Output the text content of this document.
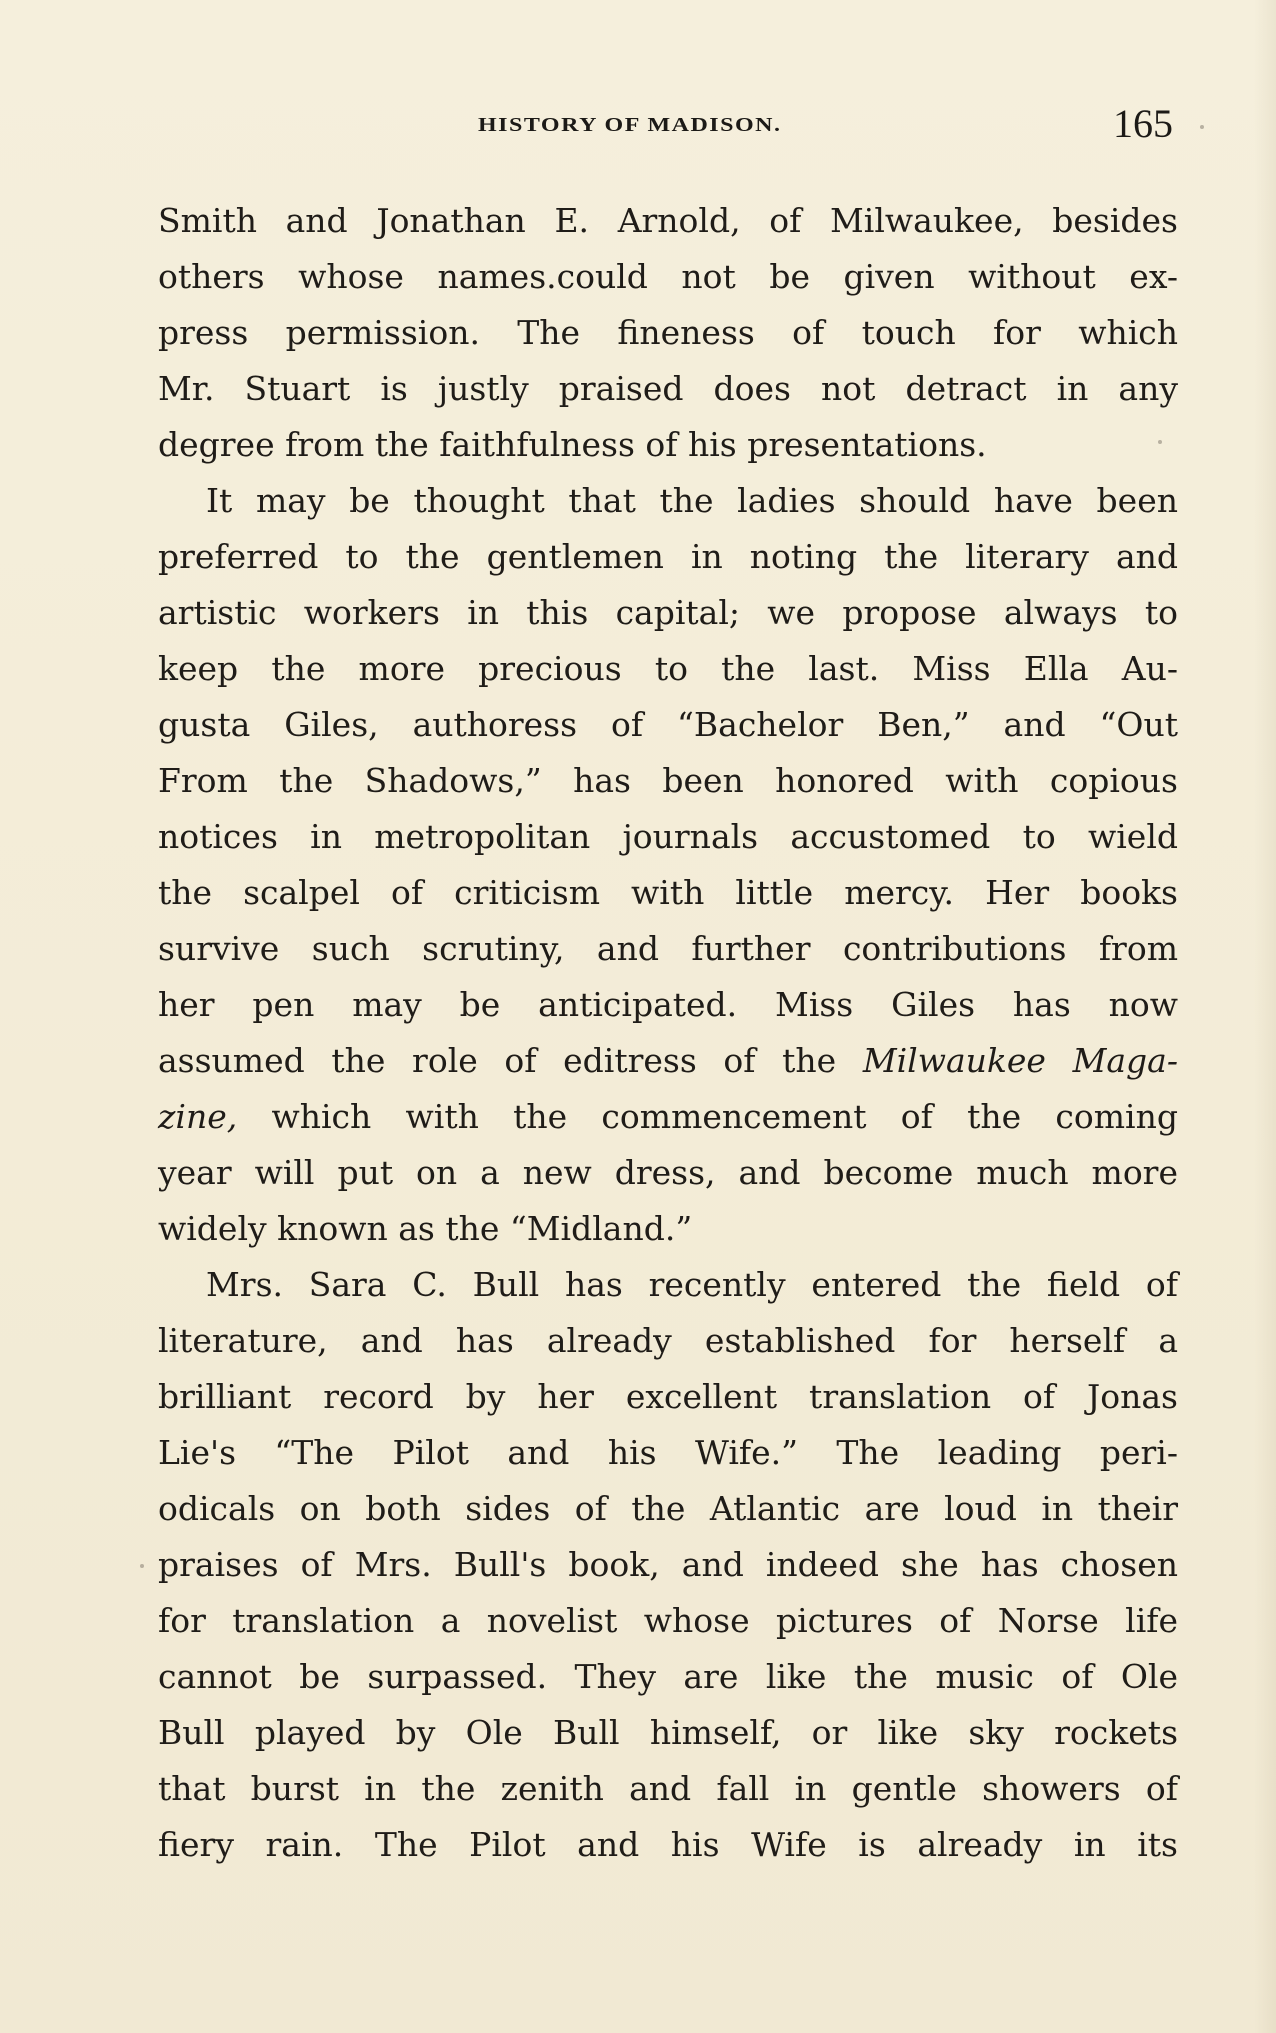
HISTORY OF MADISON.	165
Smith and Jonathan E. Arnold, of Milwaukee, besides
others whose names.could not be given without ex-
press permission. The fineness of touch for which
Mr. Stuart is justly praised does not detract in any
degree from the faithfulness of his presentations.
It may be thought that the ladies should have been
preferred to the gentlemen in noting the literary and
artistic workers in this capital; we propose always to
keep the more precious to the last. Miss Ella Au-
gusta Giles, authoress of “Bachelor Ben,” and “Out
From the Shadows,” has been honored with copious
notices in metropolitan journals accustomed to wield
the scalpel of criticism with little mercy. Her books
survive such scrutiny, and further contributions from
her pen may be anticipated. Miss Giles has now
assumed the role of editress of the Milwaukee Maga-
zine, which with the commencement of the coming
year will put on a new dress, and become much more
widely known as the “Midland.”
Mrs. Sara C. Bull has recently entered the field of
literature, and has already established for herself a
brilliant record by her excellent translation of Jonas
Lie's “The Pilot and his Wife.” The leading peri-
odicals on both sides of the Atlantic are loud in their
praises of Mrs. Bull's book, and indeed she has chosen
for translation a novelist whose pictures of Norse life
cannot be surpassed. They are like the music of Ole
Bull played by Ole Bull himself, or like sky rockets
that burst in the zenith and fall in gentle showers of
fiery rain. The Pilot and his Wife is already in its
